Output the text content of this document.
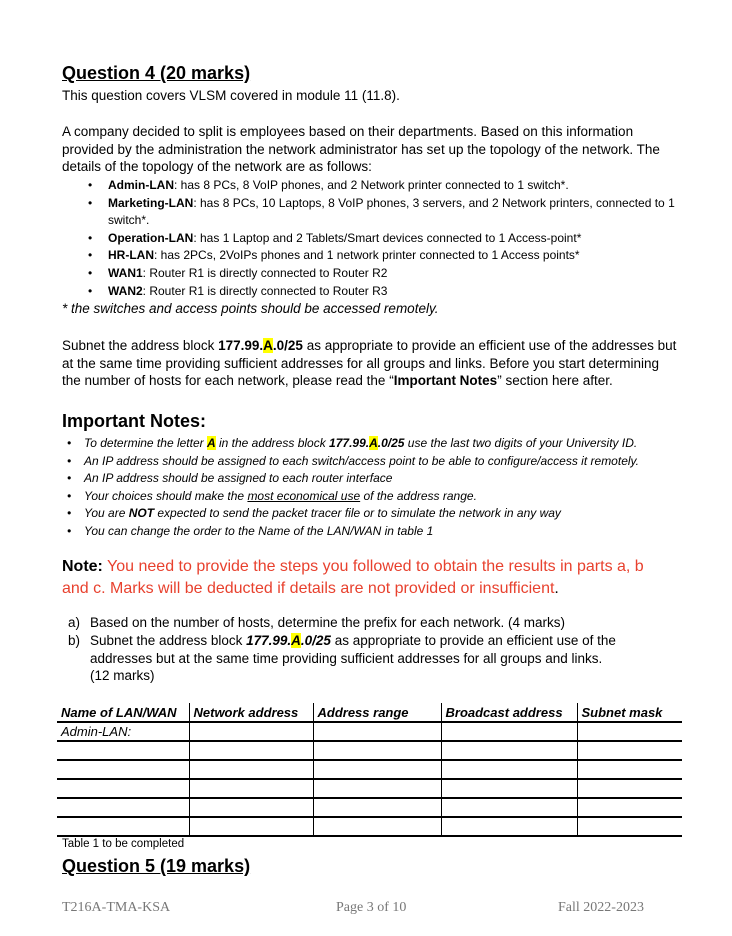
Question 4 (20 marks)
This question covers VLSM covered in module 11 (11.8).
A company decided to split is employees based on their departments. Based on this information provided by the administration the network administrator has set up the topology of the network. The details of the topology of the network are as follows:
• Admin-LAN: has 8 PCs, 8 VoIP phones, and 2 Network printer connected to 1 switch*.
• Marketing-LAN: has 8 PCs, 10 Laptops, 8 VoIP phones, 3 servers, and 2 Network printers, connected to 1 switch*.
• Operation-LAN: has 1 Laptop and 2 Tablets/Smart devices connected to 1 Access-point*
• HR-LAN: has 2PCs, 2VoIPs phones and 1 network printer connected to 1 Access points*
• WAN1: Router R1 is directly connected to Router R2
• WAN2: Router R1 is directly connected to Router R3
* the switches and access points should be accessed remotely.
Subnet the address block 177.99.A.0/25 as appropriate to provide an efficient use of the addresses but at the same time providing sufficient addresses for all groups and links. Before you start determining the number of hosts for each network, please read the “Important Notes” section here after.
Important Notes:
• To determine the letter A in the address block 177.99.A.0/25 use the last two digits of your University ID.
• An IP address should be assigned to each switch/access point to be able to configure/access it remotely.
• An IP address should be assigned to each router interface
• Your choices should make the most economical use of the address range.
• You are NOT expected to send the packet tracer file or to simulate the network in any way
• You can change the order to the Name of the LAN/WAN in table 1
Note: You need to provide the steps you followed to obtain the results in parts a, b and c. Marks will be deducted if details are not provided or insufficient.
a) Based on the number of hosts, determine the prefix for each network. (4 marks)
b) Subnet the address block 177.99.A.0/25 as appropriate to provide an efficient use of the addresses but at the same time providing sufficient addresses for all groups and links.
(12 marks)
Name of LAN/WAN	Network address	Address range	Broadcast address	Subnet mask
Admin-LAN:				

Table 1 to be completed
Question 5 (19 marks)
T216A-TMA-KSA	Page 3 of 10	Fall 2022-2023
